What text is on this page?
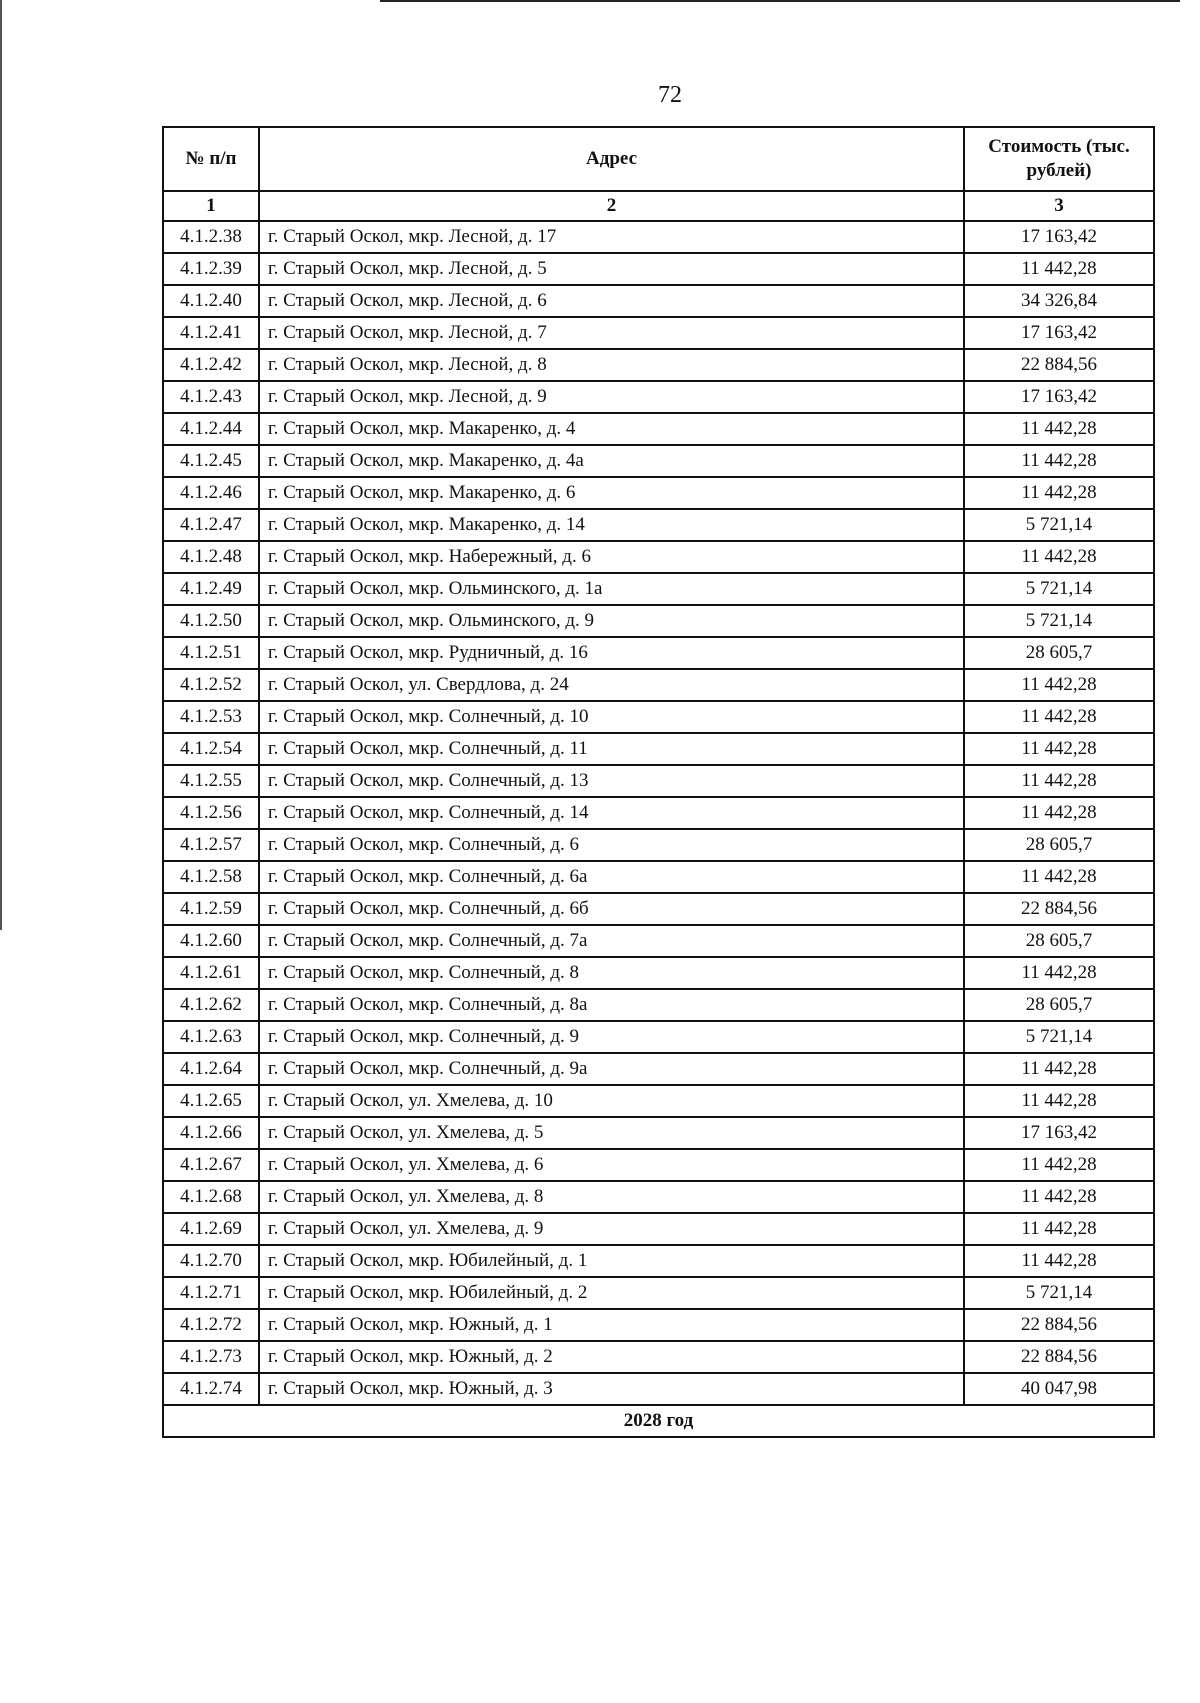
72
№ п/п	Адрес	Стоимость (тыс. рублей)
1	2	3
4.1.2.38	г. Старый Оскол, мкр. Лесной, д. 17	17 163,42
4.1.2.39	г. Старый Оскол, мкр. Лесной, д. 5	11 442,28
4.1.2.40	г. Старый Оскол, мкр. Лесной, д. 6	34 326,84
4.1.2.41	г. Старый Оскол, мкр. Лесной, д. 7	17 163,42
4.1.2.42	г. Старый Оскол, мкр. Лесной, д. 8	22 884,56
4.1.2.43	г. Старый Оскол, мкр. Лесной, д. 9	17 163,42
4.1.2.44	г. Старый Оскол, мкр. Макаренко, д. 4	11 442,28
4.1.2.45	г. Старый Оскол, мкр. Макаренко, д. 4а	11 442,28
4.1.2.46	г. Старый Оскол, мкр. Макаренко, д. 6	11 442,28
4.1.2.47	г. Старый Оскол, мкр. Макаренко, д. 14	5 721,14
4.1.2.48	г. Старый Оскол, мкр. Набережный, д. 6	11 442,28
4.1.2.49	г. Старый Оскол, мкр. Ольминского, д. 1а	5 721,14
4.1.2.50	г. Старый Оскол, мкр. Ольминского, д. 9	5 721,14
4.1.2.51	г. Старый Оскол, мкр. Рудничный, д. 16	28 605,7
4.1.2.52	г. Старый Оскол, ул. Свердлова, д. 24	11 442,28
4.1.2.53	г. Старый Оскол, мкр. Солнечный, д. 10	11 442,28
4.1.2.54	г. Старый Оскол, мкр. Солнечный, д. 11	11 442,28
4.1.2.55	г. Старый Оскол, мкр. Солнечный, д. 13	11 442,28
4.1.2.56	г. Старый Оскол, мкр. Солнечный, д. 14	11 442,28
4.1.2.57	г. Старый Оскол, мкр. Солнечный, д. 6	28 605,7
4.1.2.58	г. Старый Оскол, мкр. Солнечный, д. 6а	11 442,28
4.1.2.59	г. Старый Оскол, мкр. Солнечный, д. 6б	22 884,56
4.1.2.60	г. Старый Оскол, мкр. Солнечный, д. 7а	28 605,7
4.1.2.61	г. Старый Оскол, мкр. Солнечный, д. 8	11 442,28
4.1.2.62	г. Старый Оскол, мкр. Солнечный, д. 8а	28 605,7
4.1.2.63	г. Старый Оскол, мкр. Солнечный, д. 9	5 721,14
4.1.2.64	г. Старый Оскол, мкр. Солнечный, д. 9а	11 442,28
4.1.2.65	г. Старый Оскол, ул. Хмелева, д. 10	11 442,28
4.1.2.66	г. Старый Оскол, ул. Хмелева, д. 5	17 163,42
4.1.2.67	г. Старый Оскол, ул. Хмелева, д. 6	11 442,28
4.1.2.68	г. Старый Оскол, ул. Хмелева, д. 8	11 442,28
4.1.2.69	г. Старый Оскол, ул. Хмелева, д. 9	11 442,28
4.1.2.70	г. Старый Оскол, мкр. Юбилейный, д. 1	11 442,28
4.1.2.71	г. Старый Оскол, мкр. Юбилейный, д. 2	5 721,14
4.1.2.72	г. Старый Оскол, мкр. Южный, д. 1	22 884,56
4.1.2.73	г. Старый Оскол, мкр. Южный, д. 2	22 884,56
4.1.2.74	г. Старый Оскол, мкр. Южный, д. 3	40 047,98
2028 год		
